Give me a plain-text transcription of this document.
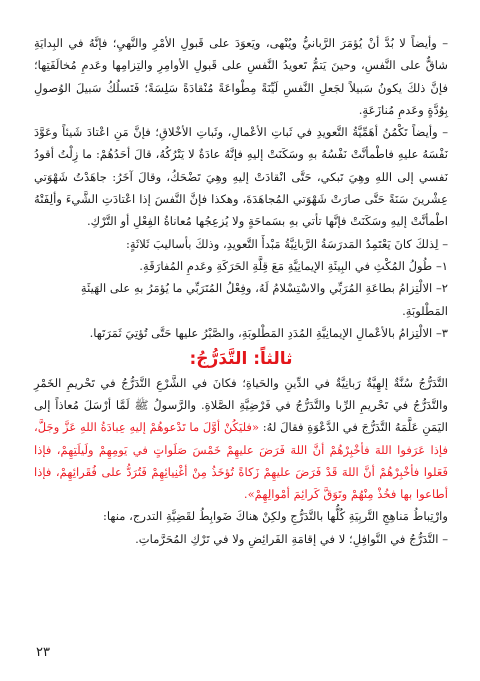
– وأيضاً لا بُدَّ أنْ يُؤمَرَ الرَّبانيُّ ويُنْهى، ويَعوَدَ على قَبولِ الأمْرِ والنَّهيِ؛ فإنَّهُ في البِدايَةِ شاقٌّ على النَّفسِ، وحينَ يَتمُّ تَعويدُ النَّفسِ على قَبولِ الأوامِرِ والتِزامِها وعَدمِ مُخالَفَتِها؛ فإنَّ ذلكَ يكونُ سَبيلاً لجَعلِ النَّفسِ لَيِّنَةً مِطْواعَةً مُنْقادَةً سَلِسَةً؛ فَتَسلُكُ سَبيلَ الوُصولِ بِوُدَّةٍ وعَدمِ مُنازَعَةٍ.

– وأيضاً تَكْمُنُ أهَمِّيَّةُ التَّعويدِ في ثَباتِ الأعْمالِ، وثَباتِ الأخْلاقِ؛ فإنَّ مَنِ اعْتادَ شَيئاً وعَوَّدَ نَفْسَهُ عليهِ فاطْمأنَّتْ نَفْسُهُ بهِ وسَكَنَتْ إليهِ فإنَّهُ عادَةٌ لا يَتْرُكُهُ، قالَ أحَدُهُمْ: ما زِلْتُ أقودُ نَفسي إلى اللهِ وهِيَ تَبكي، حَتَّى انْقادَتْ إليهِ وهِيَ تَضْحَكُ، وقالَ آخَرُ: جاهَدْتُ شَهْوَتي عِشْرينَ سَنَةً حَتَّى صارَتْ شَهْوَتي المُجاهَدَةَ، وهكذا فإنَّ النَّفسَ إذا اعْتادَتِ الشَّيءَ وألِفَتْهُ اطْمأنَّتْ إليهِ وسَكَنَتْ فإنَّها تأتي بهِ بسَماحَةٍ ولا يُزعِجُها مُعاناةُ الفِعْلِ أو التَّرْكِ.

– لِذلكَ كانَ يَعْتَمِدُ المَدرَسَةُ الرَّبانِيَّةُ مَبْدأَ التَّعويدِ، وذلكَ بأساليبَ ثَلاثَةٍ:

١– طُولُ المُكْثِ في البِيئَةِ الإيمانِيَّةِ مَعَ قِلَّةِ الحَرَكَةِ وعَدمِ المُفارَقَةِ.

٢– الالْتِزامُ بطاعَةِ المُرَبِّي والاسْتِسْلامُ لَهُ، وفِعْلُ المُتَرَبِّي ما يُؤمَرُ بهِ على الهَيئَةِ المَطْلوبَةِ.

٣– الالْتِزامُ بالأعْمالِ الإيمانِيَّةِ المُدَدِ المَطْلوبَةِ، والصَّبْرُ عليها حَتَّى تُؤتِيَ ثَمَرَتَها.

ثالثاً: التَّدَرُّجُ:

التَّدَرُّجُ سُنَّةٌ إلهِيَّةٌ رَبانِيَّةٌ في الدِّينِ والحَياةِ؛ فكانَ في الشَّرْعِ التَّدَرُّجُ في تَحْريمِ الخَمْرِ والتَّدَرُّجُ في تَحْريمِ الرِّبا والتَّدَرُّجُ في فَرْضِيَّةِ الصَّلاةِ. والرَّسولُ ﷺ لَمَّا أرْسَلَ مُعاذاً إلى اليَمَنِ عَلَّمَهُ التَّدَرُّجَ في الدَّعْوَةِ فقالَ لهُ: «فليَكُنْ أوَّلَ ما تَدْعوهُمْ إليهِ عِبادَةُ اللهِ عَزَّ وجَلَّ، فإذا عَرَفوا اللهَ فأخْبِرْهُمْ أنَّ اللهَ فَرَضَ عليهِمْ خَمْسَ صَلَواتٍ في يَومِهِمْ ولَيلَتِهِمْ، فإذا فَعَلوا فأخْبِرْهُمْ أنَّ اللهَ قَدْ فَرَضَ عليهِمْ زَكاةً تُؤخَذُ مِنْ أغْنِيائِهِمْ فَتُرَدُّ على فُقَرائِهِمْ، فإذا أطاعوا بها فخُذْ مِنْهُمْ وتَوَقَّ كَرائِمَ أمْوالِهِمْ».

وارْتِباطُ مَناهِجِ التَّربِيَةِ كُلُّها بالتَّدَرُّجِ ولكِنْ هناكَ ضَوابِطُ لقَضِيَّةِ التدرج، منها:

– التَّدَرُّجُ في النَّوافِلِ؛ لا في إقامَةِ الفَرائِضِ ولا في تَرْكِ المُحَرَّماتِ.

٢٣
